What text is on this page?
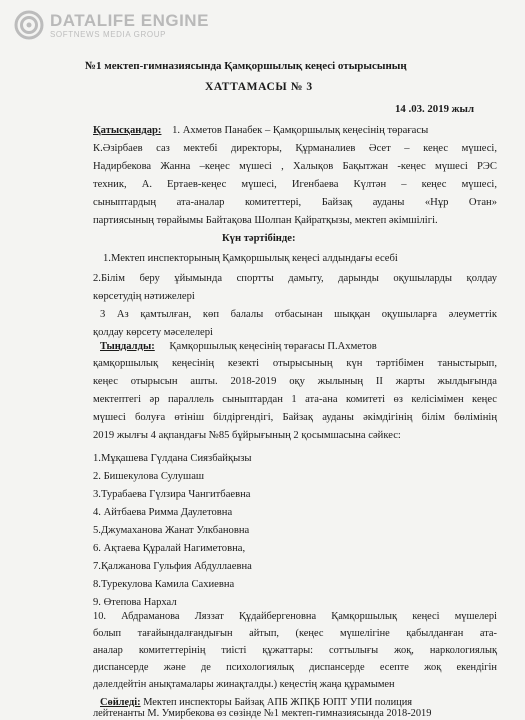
DATALIFE ENGINE
SOFTNEWS MEDIA GROUP
№1 мектеп-гимназиясында Қамқоршылық кеңесі отырысының
ХАТТАМАСЫ № 3
14 .03. 2019 жыл
Қатысқандар: 1. Ахметов Панабек – Қамқоршылық кеңесінің төрағасы
К.Әзірбаев саз мектебі директоры, Құрманалиев Әсет – кеңес мүшесі,
Надирбекова Жанна –кеңес мүшесі , Халықов Бақытжан -кеңес мүшесі РЭС
техник, А. Ертаев-кеңес мүшесі, Игенбаева Күлтән – кеңес мүшесі,
сыныптардың ата-аналар комитеттері, Байзақ ауданы «Нұр Отан»
партиясының төрайымы Байтақова Шолпан Қайратқызы, мектеп әкімшілігі.
Күн тәртібінде:
1.Мектеп инспекторының Қамқоршылық кеңесі алдындағы есебі
2.Білім беру ұйымында спортты дамыту, дарынды оқушыларды қолдау
көрсетудің нәтижелері
3 Аз қамтылған, көп балалы отбасынан шыққан оқушыларға әлеуметтік
қолдау көрсету мәселелері
Тыңдалды: Қамқоршылық кеңесінің төрағасы П.Ахметов
қамқоршылық кеңесінің кезекті отырысының күн тәртібімен таныстырып,
кеңес отырысын ашты. 2018-2019 оқу жылының II жарты жылдығында
мектептегі әр параллель сыныптардан 1 ата-ана комитеті өз келісімімен кеңес
мүшесі болуға өтініш білдіргендігі, Байзақ ауданы әкімдігінің білім бөлімінің
2019 жылғы 4 ақпандағы №85 бұйрығының 2 қосымшасына сәйкес:
1.Мұқашева Гүлдана Сиязбайқызы
2. Бишекулова Сулушаш
3.Турабаева Гүлзира Чангитбаевна
4. Айтбаева Римма Даулетовна
5.Джумаханова Жанат Улкбановна
6. Ақтаева Құралай Нагиметовна,
7.Қалжанова Гульфия Абдуллаевна
8.Турекулова Камила Сахиевна
9. Өтепова Нархал
10. Абдраманова Ляззат Құдайбергеновна Қамқоршылық кеңесі мүшелері
болып тағайындалғандығын айтып, (кеңес мүшелігіне қабылданған ата-
аналар комитеттерінің тиісті құжаттары: соттылығы жоқ, наркологиялық
диспансерде және де психологиялық диспансерде есепте жоқ екендігін
дәлелдейтін анықтамалары жинақталды.) кеңестің жаңа құрамымен
Сөйледі: Мектеп инспекторы Байзақ АПБ ЖПҚБ ЮПТ УПИ полиция
лейтенанты М. Умирбекова өз сөзінде №1 мектеп-гимназиясында 2018-2019
